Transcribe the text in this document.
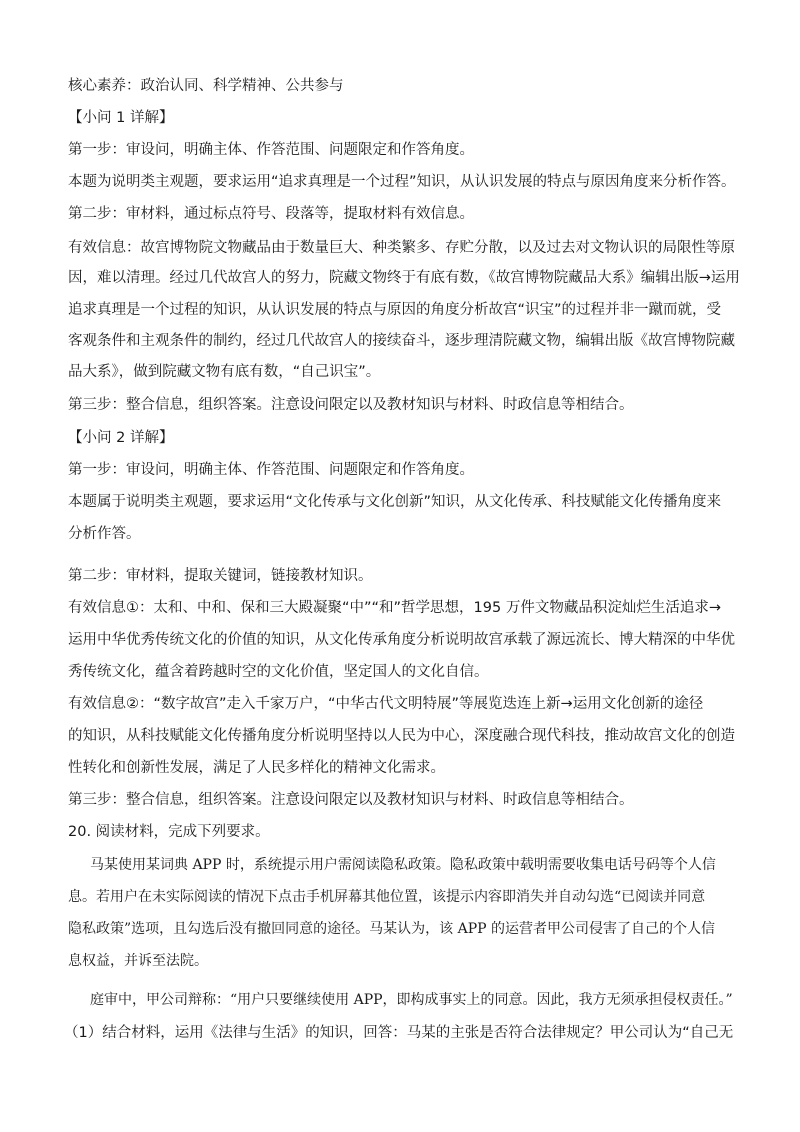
核心素养：政治认同、科学精神、公共参与
【小问 1 详解】
第一步：审设问，明确主体、作答范围、问题限定和作答角度。
本题为说明类主观题，要求运用“追求真理是一个过程”知识，从认识发展的特点与原因角度来分析作答。
第二步：审材料，通过标点符号、段落等，提取材料有效信息。
有效信息：故宫博物院文物藏品由于数量巨大、种类繁多、存贮分散，以及过去对文物认识的局限性等原
因，难以清理。经过几代故宫人的努力，院藏文物终于有底有数，《故宫博物院藏品大系》编辑出版→运用
追求真理是一个过程的知识，从认识发展的特点与原因的角度分析故宫“识宝”的过程并非一蹴而就，受
客观条件和主观条件的制约，经过几代故宫人的接续奋斗，逐步理清院藏文物，编辑出版《故宫博物院藏
品大系》，做到院藏文物有底有数，“自己识宝”。
第三步：整合信息，组织答案。注意设问限定以及教材知识与材料、时政信息等相结合。
【小问 2 详解】
第一步：审设问，明确主体、作答范围、问题限定和作答角度。
本题属于说明类主观题，要求运用“文化传承与文化创新”知识，从文化传承、科技赋能文化传播角度来
分析作答。
第二步：审材料，提取关键词，链接教材知识。
有效信息①：太和、中和、保和三大殿凝聚“中”“和”哲学思想，195 万件文物藏品积淀灿烂生活追求→
运用中华优秀传统文化的价值的知识，从文化传承角度分析说明故宫承载了源远流长、博大精深的中华优
秀传统文化，蕴含着跨越时空的文化价值，坚定国人的文化自信。
有效信息②：“数字故宫”走入千家万户，“中华古代文明特展”等展览迭连上新→运用文化创新的途径
的知识，从科技赋能文化传播角度分析说明坚持以人民为中心，深度融合现代科技，推动故宫文化的创造
性转化和创新性发展，满足了人民多样化的精神文化需求。
第三步：整合信息，组织答案。注意设问限定以及教材知识与材料、时政信息等相结合。
20. 阅读材料，完成下列要求。
马某使用某词典 APP 时，系统提示用户需阅读隐私政策。隐私政策中载明需要收集电话号码等个人信
息。若用户在未实际阅读的情况下点击手机屏幕其他位置，该提示内容即消失并自动勾选“已阅读并同意
隐私政策”选项，且勾选后没有撤回同意的途径。马某认为，该 APP 的运营者甲公司侵害了自己的个人信
息权益，并诉至法院。
庭审中，甲公司辩称：“用户只要继续使用 APP，即构成事实上的同意。因此，我方无须承担侵权责任。”
（1）结合材料，运用《法律与生活》的知识，回答：马某的主张是否符合法律规定？甲公司认为“自己无
